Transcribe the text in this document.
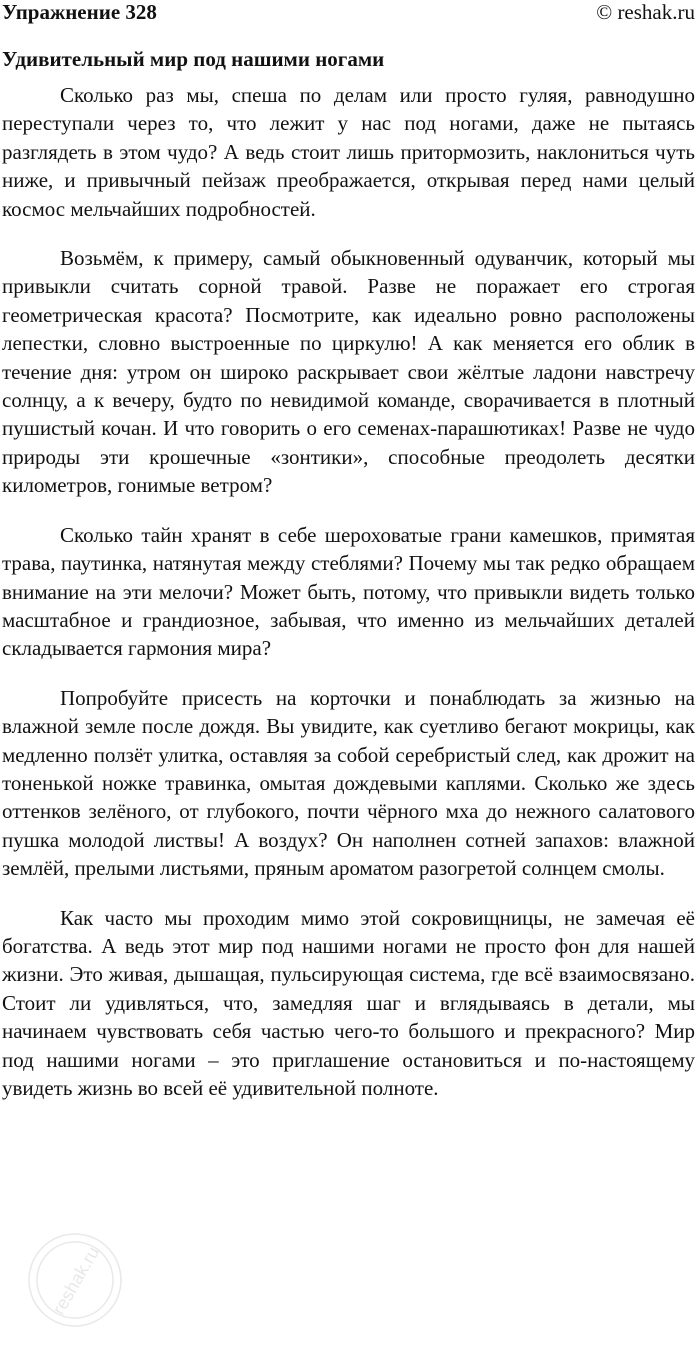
Упражнение 328	© reshak.ru
Удивительный мир под нашими ногами

Сколько раз мы, спеша по делам или просто гуляя, равнодушно переступали через то, что лежит у нас под ногами, даже не пытаясь разглядеть в этом чудо? А ведь стоит лишь притормозить, наклониться чуть ниже, и привычный пейзаж преображается, открывая перед нами целый космос мельчайших подробностей.

Возьмём, к примеру, самый обыкновенный одуванчик, который мы привыкли считать сорной травой. Разве не поражает его строгая геометрическая красота? Посмотрите, как идеально ровно расположены лепестки, словно выстроенные по циркулю! А как меняется его облик в течение дня: утром он широко раскрывает свои жёлтые ладони навстречу солнцу, а к вечеру, будто по невидимой команде, сворачивается в плотный пушистый кочан. И что говорить о его семенах-парашютиках! Разве не чудо природы эти крошечные «зонтики», способные преодолеть десятки километров, гонимые ветром?

Сколько тайн хранят в себе шероховатые грани камешков, примятая трава, паутинка, натянутая между стеблями? Почему мы так редко обращаем внимание на эти мелочи? Может быть, потому, что привыкли видеть только масштабное и грандиозное, забывая, что именно из мельчайших деталей складывается гармония мира?

Попробуйте присесть на корточки и понаблюдать за жизнью на влажной земле после дождя. Вы увидите, как суетливо бегают мокрицы, как медленно ползёт улитка, оставляя за собой серебристый след, как дрожит на тоненькой ножке травинка, омытая дождевыми каплями. Сколько же здесь оттенков зелёного, от глубокого, почти чёрного мха до нежного салатового пушка молодой листвы! А воздух? Он наполнен сотней запахов: влажной землёй, прелыми листьями, пряным ароматом разогретой солнцем смолы.

Как часто мы проходим мимо этой сокровищницы, не замечая её богатства. А ведь этот мир под нашими ногами не просто фон для нашей жизни. Это живая, дышащая, пульсирующая система, где всё взаимосвязано. Стоит ли удивляться, что, замедляя шаг и вглядываясь в детали, мы начинаем чувствовать себя частью чего-то большого и прекрасного? Мир под нашими ногами – это приглашение остановиться и по-настоящему увидеть жизнь во всей её удивительной полноте.

reshak.ru
